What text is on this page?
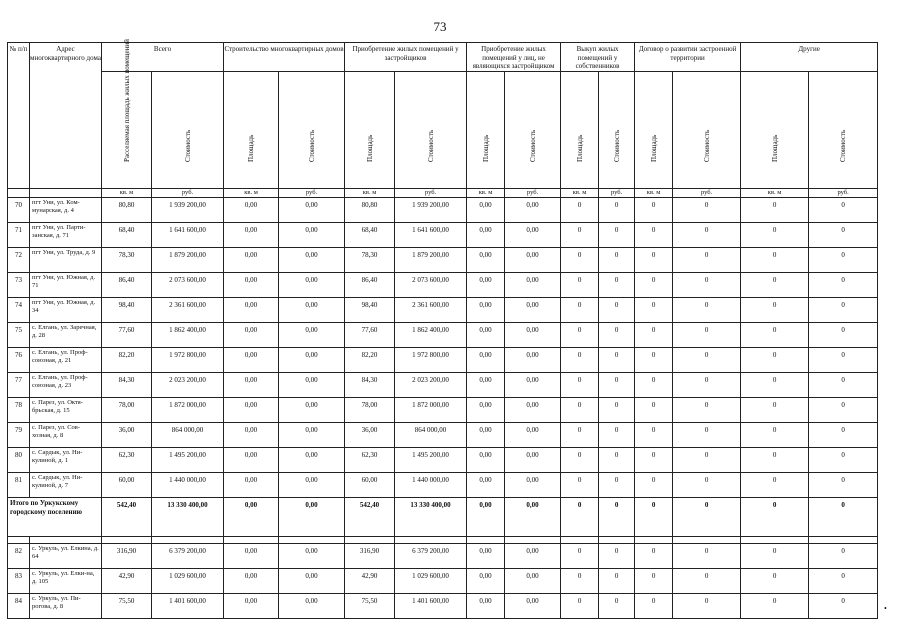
73
№ п/п	Адрес многоквартирного дома	Всего		Строительство многоквартирных домов		Приобретение жилых помещений у застройщиков		Приобретение жилых помещений у лиц, не являющихся застройщиком		Выкуп жилых помещений у собственников		Договор о развитии застроенной территории		Другие	

		Расселяемая площадь жилых помещений	Стоимость	Площадь	Стоимость	Площадь	Стоимость	Площадь	Стоимость	Площадь	Стоимость	Площадь	Стоимость	Площадь	Стоимость

		кв. м	руб.	кв. м	руб.	кв. м	руб.	кв. м	руб.	кв. м	руб.	кв. м	руб.	кв. м	руб.
70	пгт Уни, ул. Ком-мунарская, д. 4	80,80	1 939 200,00	0,00	0,00	80,80	1 939 200,00	0,00	0,00	0	0	0	0	0	0
71	пгт Уни, ул. Парти-занская, д. 71	68,40	1 641 600,00	0,00	0,00	68,40	1 641 600,00	0,00	0,00	0	0	0	0	0	0
72	пгт Уни, ул. Труда, д. 9	78,30	1 879 200,00	0,00	0,00	78,30	1 879 200,00	0,00	0,00	0	0	0	0	0	0
73	пгт Уни, ул. Южная, д. 71	86,40	2 073 600,00	0,00	0,00	86,40	2 073 600,00	0,00	0,00	0	0	0	0	0	0
74	пгт Уни, ул. Южная, д. 34	98,40	2 361 600,00	0,00	0,00	98,40	2 361 600,00	0,00	0,00	0	0	0	0	0	0
75	с. Елгань, ул. Заречная, д. 28	77,60	1 862 400,00	0,00	0,00	77,60	1 862 400,00	0,00	0,00	0	0	0	0	0	0
76	с. Елгань, ул. Проф-союзная, д. 21	82,20	1 972 800,00	0,00	0,00	82,20	1 972 800,00	0,00	0,00	0	0	0	0	0	0
77	с. Елгань, ул. Проф-союзная, д. 23	84,30	2 023 200,00	0,00	0,00	84,30	2 023 200,00	0,00	0,00	0	0	0	0	0	0
78	с. Парез, ул. Октя-брьская, д. 15	78,00	1 872 000,00	0,00	0,00	78,00	1 872 000,00	0,00	0,00	0	0	0	0	0	0
79	с. Парез, ул. Сов-хозная, д. 8	36,00	864 000,00	0,00	0,00	36,00	864 000,00	0,00	0,00	0	0	0	0	0	0
80	с. Сардык, ул. Ни-кулиной, д. 1	62,30	1 495 200,00	0,00	0,00	62,30	1 495 200,00	0,00	0,00	0	0	0	0	0	0
81	с. Сардык, ул. Ни-кулиной, д. 7	60,00	1 440 000,00	0,00	0,00	60,00	1 440 000,00	0,00	0,00	0	0	0	0	0	0
Итого по Уркукскому городскому поселению		542,40	13 330 400,00	0,00	0,00	542,40	13 330 400,00	0,00	0,00	0	0	0	0	0	0

82	с. Уркуль, ул. Елкина, д. 64	316,90	6 379 200,00	0,00	0,00	316,90	6 379 200,00	0,00	0,00	0	0	0	0	0	0
83	с. Уркуль, ул. Елки-на, д. 105	42,90	1 029 600,00	0,00	0,00	42,90	1 029 600,00	0,00	0,00	0	0	0	0	0	0
84	с. Уркуль, ул. Пи-рогова, д. 8	75,50	1 401 600,00	0,00	0,00	75,50	1 401 600,00	0,00	0,00	0	0	0	0	0	0
•
